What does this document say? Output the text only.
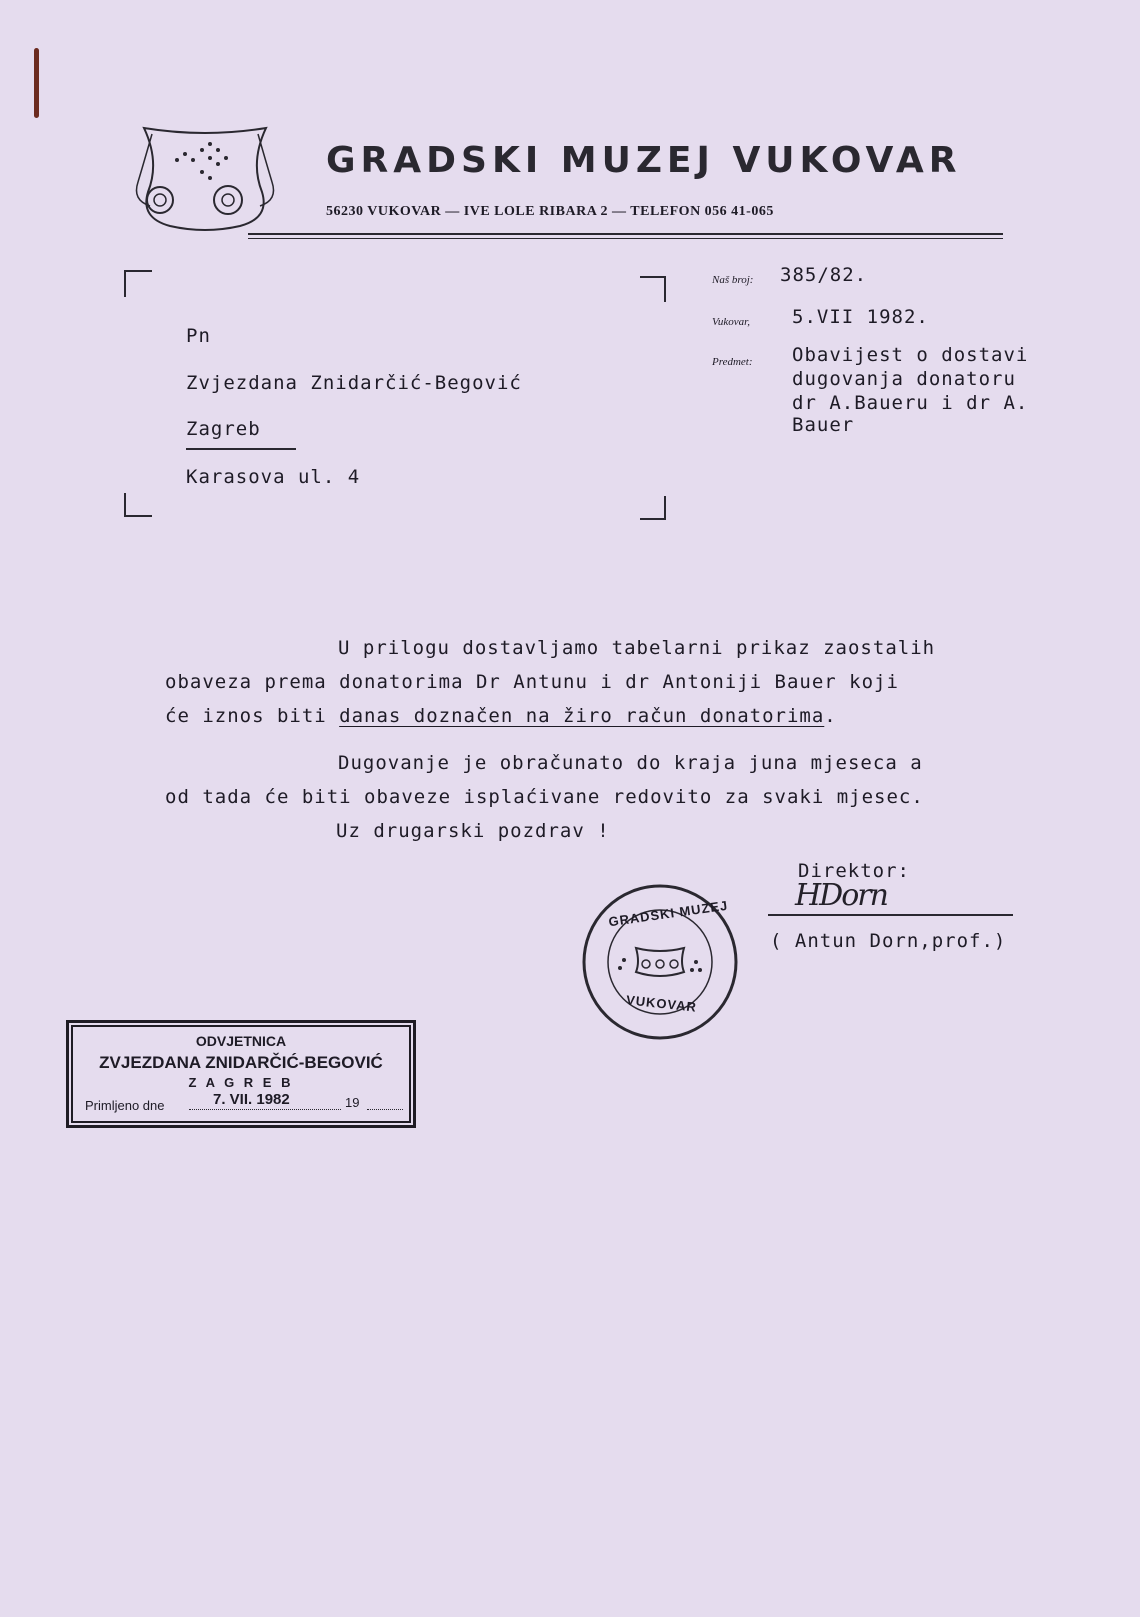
GRADSKI MUZEJ VUKOVAR
56230 VUKOVAR — IVE LOLE RIBARA 2 — TELEFON 056 41-065
Pn
Zvjezdana Znidarčić-Begović
Zagreb
Karasova ul. 4
Naš broj: 385/82.
Vukovar, 5.VII 1982.
Predmet: Obavijest o dostavi
dugovanja donatoru
dr A.Baueru i dr A.
Bauer
U prilogu dostavljamo tabelarni prikaz zaostalih
obaveza prema donatorima Dr Antunu i dr Antoniji Bauer koji
će iznos biti danas doznačen na žiro račun donatorima.
Dugovanje je obračunato do kraja juna mjeseca a
od tada će biti obaveze isplaćivane redovito za svaki mjesec.
Uz drugarski pozdrav !
Direktor:
HDorn
( Antun Dorn,prof.)
GRADSKI MUZEJ
VUKOVAR
ODVJETNICA
ZVJEZDANA ZNIDARČIĆ-BEGOVIĆ
Z A G R E B
Primljeno dne	7. VII. 1982	19
